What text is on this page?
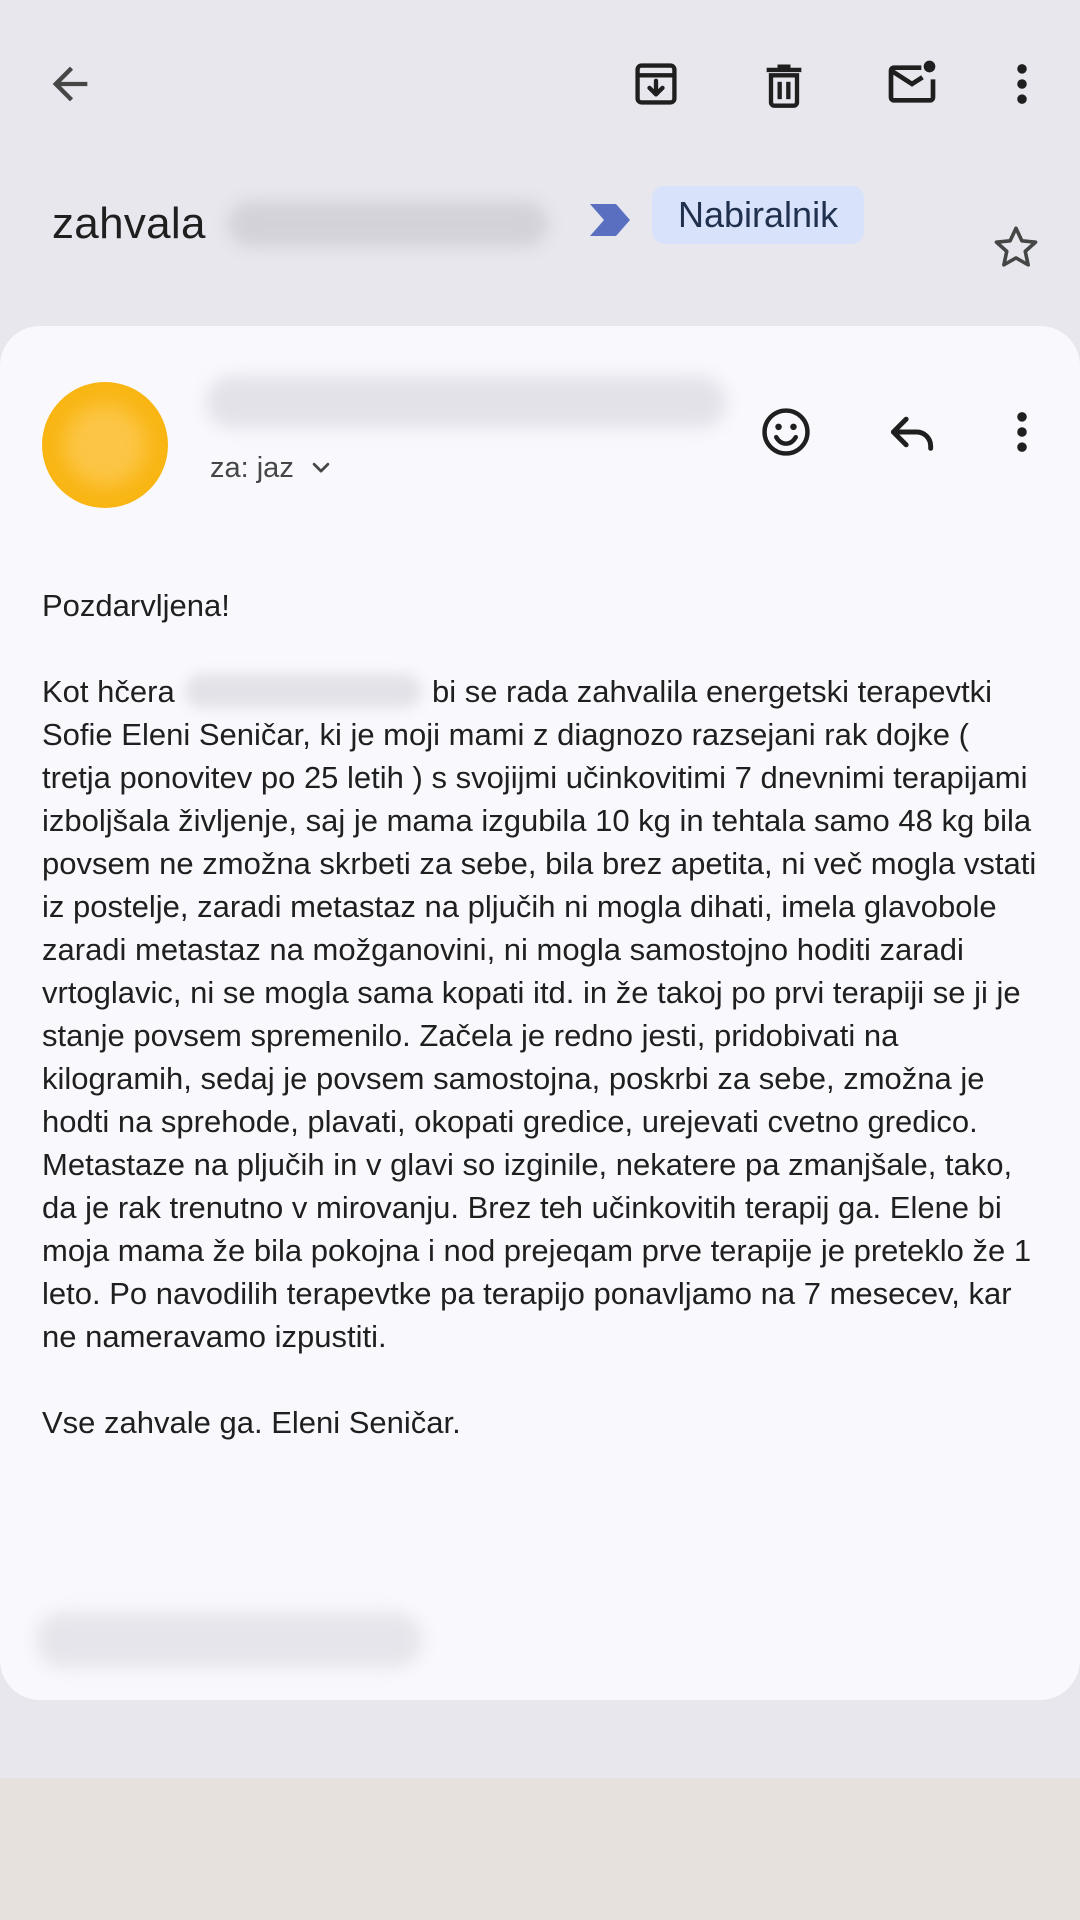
zahvala	Nabiralnik
za: jaz

Pozdarvljena!

Kot hčera	bi se rada zahvalila energetski terapevtki Sofie Eleni Seničar, ki je moji mami z diagnozo razsejani rak dojke ( tretja ponovitev po 25 letih ) s svojijmi učinkovitimi 7 dnevnimi terapijami izboljšala življenje, saj je mama izgubila 10 kg in tehtala samo 48 kg bila povsem ne zmožna skrbeti za sebe, bila brez apetita, ni več mogla vstati iz postelje, zaradi metastaz na pljučih ni mogla dihati, imela glavobole zaradi metastaz na možganovini, ni mogla samostojno hoditi zaradi vrtoglavic, ni se mogla sama kopati itd. in že takoj po prvi terapiji se ji je stanje povsem spremenilo. Začela je redno jesti, pridobivati na kilogramih, sedaj je povsem samostojna, poskrbi za sebe, zmožna je hodti na sprehode, plavati, okopati gredice, urejevati cvetno gredico. Metastaze na pljučih in v glavi so izginile, nekatere pa zmanjšale, tako, da je rak trenutno v mirovanju. Brez teh učinkovitih terapij ga. Elene bi moja mama že bila pokojna i nod prejeqam prve terapije je preteklo že 1 leto. Po navodilih terapevtke pa terapijo ponavljamo na 7 mesecev, kar ne nameravamo izpustiti.

Vse zahvale ga. Eleni Seničar.
